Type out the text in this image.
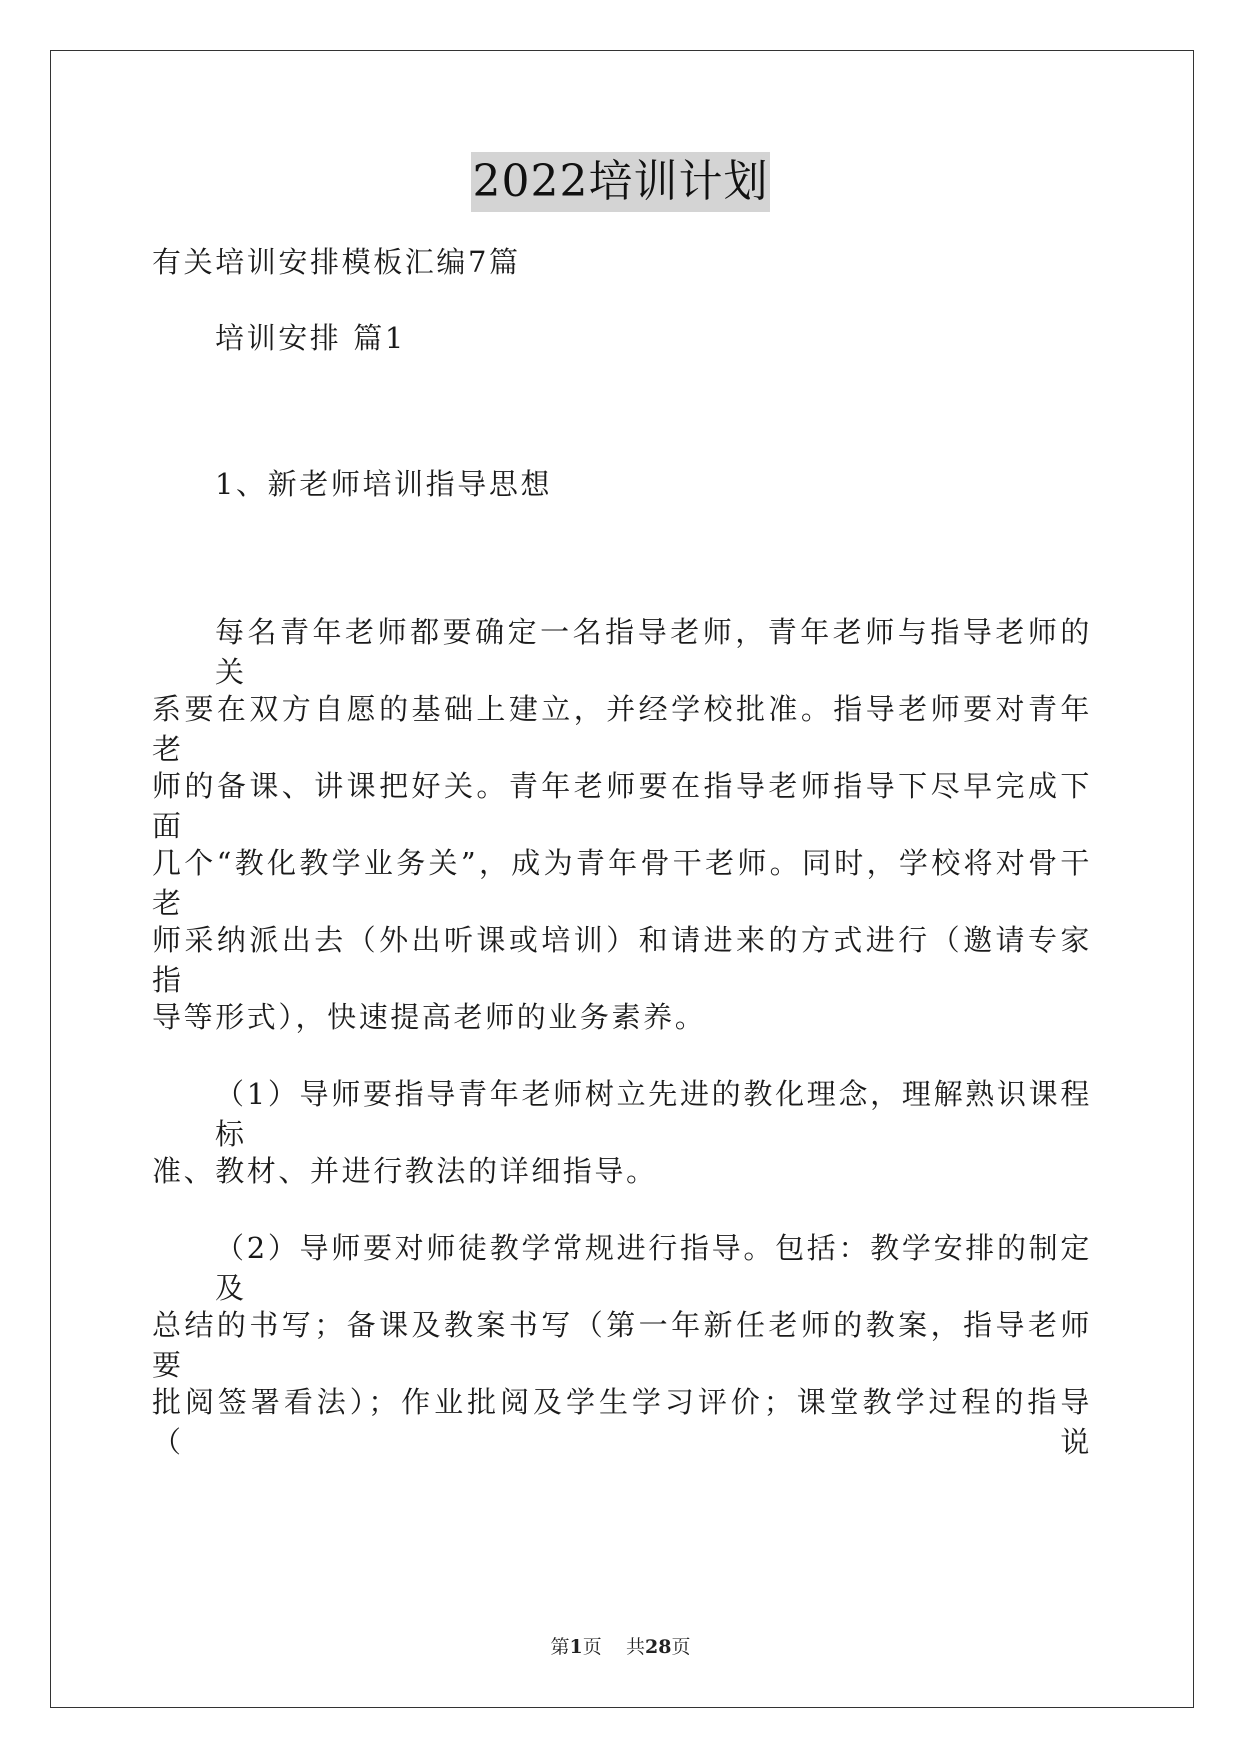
2022培训计划
有关培训安排模板汇编7篇
培训安排 篇1
1、新老师培训指导思想
每名青年老师都要确定一名指导老师，青年老师与指导老师的关
系要在双方自愿的基础上建立，并经学校批准。指导老师要对青年老
师的备课、讲课把好关。青年老师要在指导老师指导下尽早完成下面
几个“教化教学业务关”，成为青年骨干老师。同时，学校将对骨干老
师采纳派出去（外出听课或培训）和请进来的方式进行（邀请专家指
导等形式），快速提高老师的业务素养。
（1）导师要指导青年老师树立先进的教化理念，理解熟识课程标
准、教材、并进行教法的详细指导。
（2）导师要对师徒教学常规进行指导。包括：教学安排的制定及
总结的书写；备课及教案书写（第一年新任老师的教案，指导老师要
批阅签署看法）；作业批阅及学生学习评价；课堂教学过程的指导（说
第1页 共28页
